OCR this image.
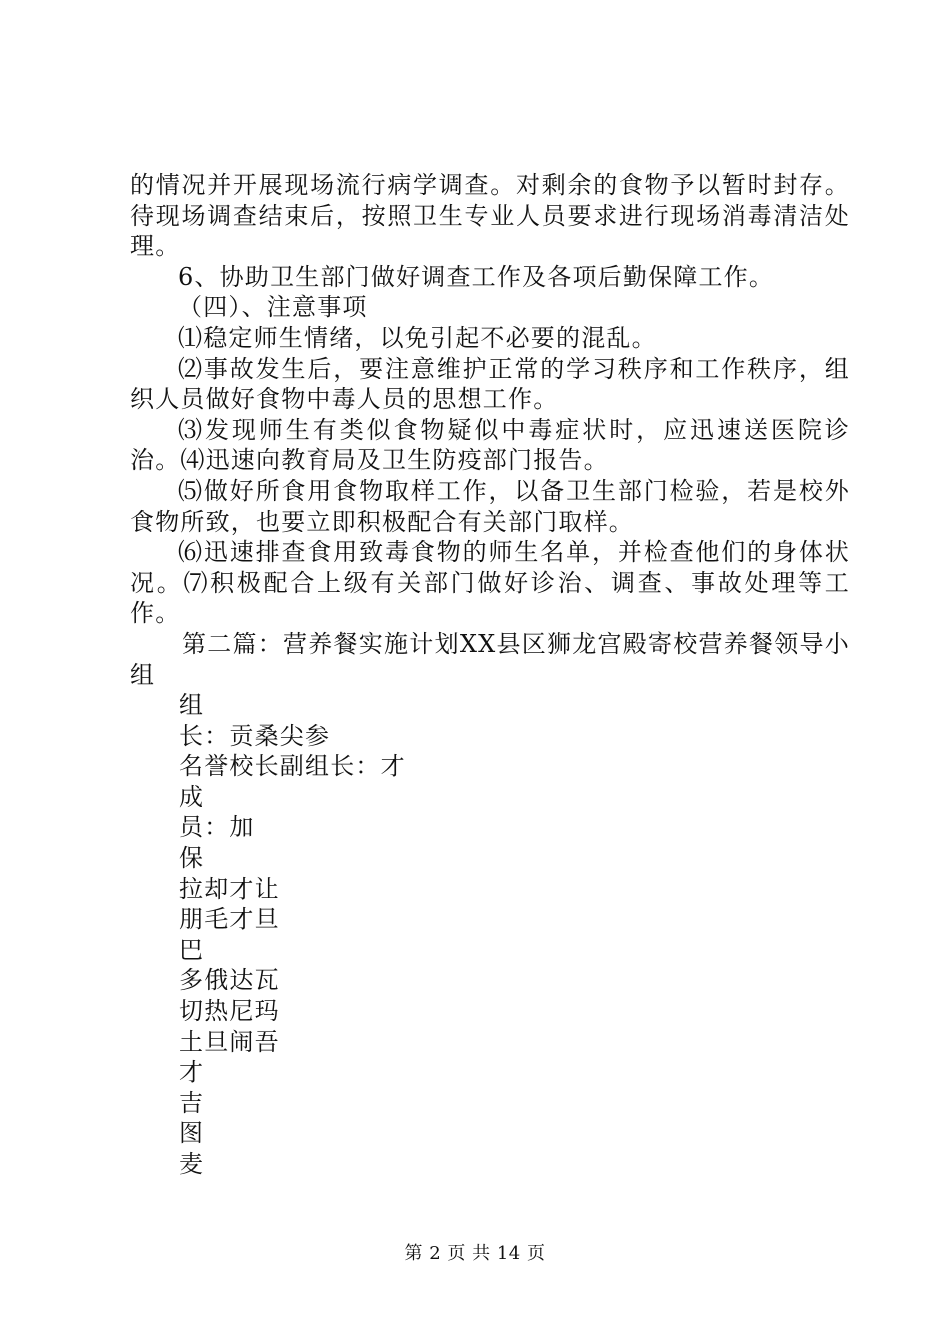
的情况并开展现场流行病学调查。对剩余的食物予以暂时封存。待现场调查结束后，按照卫生专业人员要求进行现场消毒清洁处理。

6、协助卫生部门做好调查工作及各项后勤保障工作。

（四）、注意事项

⑴稳定师生情绪，以免引起不必要的混乱。

⑵事故发生后，要注意维护正常的学习秩序和工作秩序，组织人员做好食物中毒人员的思想工作。

⑶发现师生有类似食物疑似中毒症状时，应迅速送医院诊治。⑷迅速向教育局及卫生防疫部门报告。

⑸做好所食用食物取样工作，以备卫生部门检验，若是校外食物所致，也要立即积极配合有关部门取样。

⑹迅速排查食用致毒食物的师生名单，并检查他们的身体状况。⑺积极配合上级有关部门做好诊治、调查、事故处理等工作。

第二篇：营养餐实施计划XX县区狮龙宫殿寄校营养餐领导小组

组
长：贡桑尖参
名誉校长副组长：才
成
员：加
保
拉却才让
朋毛才旦
巴
多俄达瓦
切热尼玛
土旦闹吾
才
吉
图
麦
第 2 页 共 14 页
